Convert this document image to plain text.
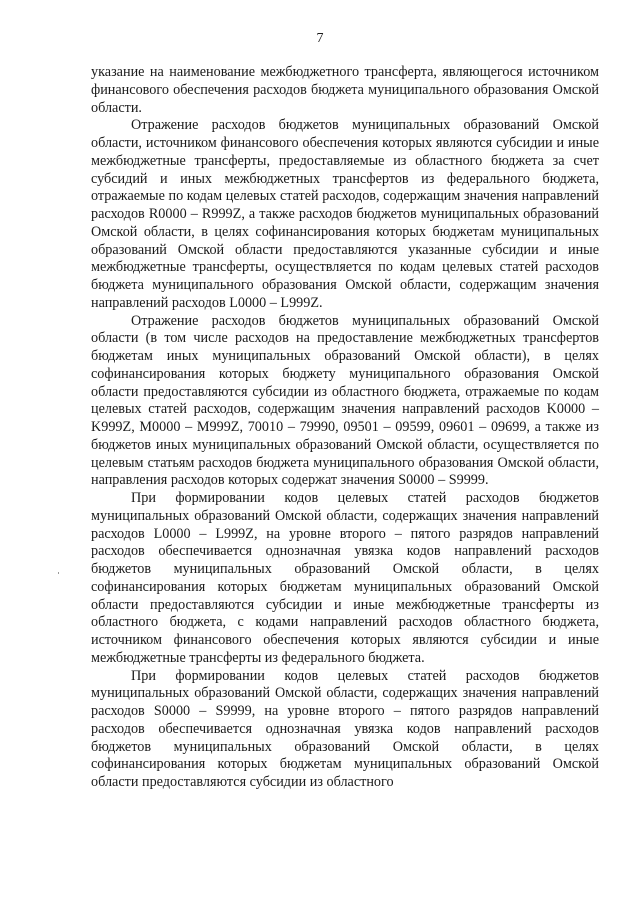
7

указание на наименование межбюджетного трансферта, являющегося источником финансового обеспечения расходов бюджета муниципального образования Омской области.

Отражение расходов бюджетов муниципальных образований Омской области, источником финансового обеспечения которых являются субсидии и иные межбюджетные трансферты, предоставляемые из областного бюджета за счет субсидий и иных межбюджетных трансфертов из федерального бюджета, отражаемые по кодам целевых статей расходов, содержащим значения направлений расходов R0000 – R999Z, а также расходов бюджетов муниципальных образований Омской области, в целях софинансирования которых бюджетам муниципальных образований Омской области предоставляются указанные субсидии и иные межбюджетные трансферты, осуществляется по кодам целевых статей расходов бюджета муниципального образования Омской области, содержащим значения направлений расходов L0000 – L999Z.

Отражение расходов бюджетов муниципальных образований Омской области (в том числе расходов на предоставление межбюджетных трансфертов бюджетам иных муниципальных образований Омской области), в целях софинансирования которых бюджету муниципального образования Омской области предоставляются субсидии из областного бюджета, отражаемые по кодам целевых статей расходов, содержащим значения направлений расходов K0000 – K999Z, M0000 – M999Z, 70010 – 79990, 09501 – 09599, 09601 – 09699, а также из бюджетов иных муниципальных образований Омской области, осуществляется по целевым статьям расходов бюджета муниципального образования Омской области, направления расходов которых содержат значения S0000 – S9999.

При формировании кодов целевых статей расходов бюджетов муниципальных образований Омской области, содержащих значения направлений расходов L0000 – L999Z, на уровне второго – пятого разрядов направлений расходов обеспечивается однозначная увязка кодов направлений расходов бюджетов муниципальных образований Омской области, в целях софинансирования которых бюджетам муниципальных образований Омской области предоставляются субсидии и иные межбюджетные трансферты из областного бюджета, с кодами направлений расходов областного бюджета, источником финансового обеспечения которых являются субсидии и иные межбюджетные трансферты из федерального бюджета.

При формировании кодов целевых статей расходов бюджетов муниципальных образований Омской области, содержащих значения направлений расходов S0000 – S9999, на уровне второго – пятого разрядов направлений расходов обеспечивается однозначная увязка кодов направлений расходов бюджетов муниципальных образований Омской области, в целях софинансирования которых бюджетам муниципальных образований Омской области предоставляются субсидии из областного
